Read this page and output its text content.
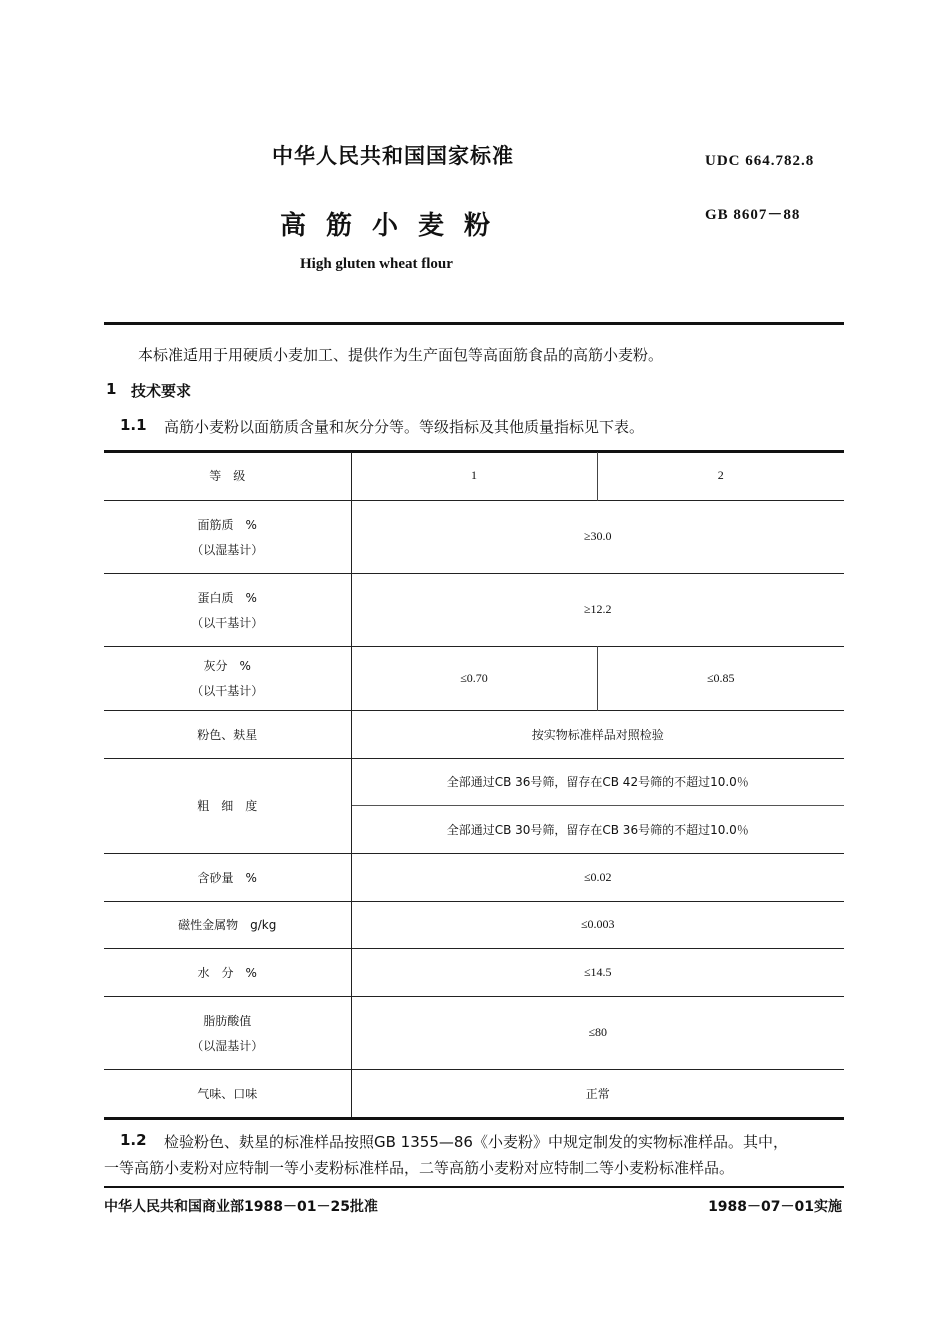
中华人民共和国国家标准	UDC 664.782.8
高筋小麦粉	GB 8607－88
High gluten wheat flour
本标准适用于用硬质小麦加工、提供作为生产面包等高面筋食品的高筋小麦粉。
1 技术要求
1.1 高筋小麦粉以面筋质含量和灰分分等。等级指标及其他质量指标见下表。
等　级	1	2

面筋质　%
（以湿基计）	≥30.0	

蛋白质　%
（以干基计）	≥12.2	

灰分　%
（以干基计）	≤0.70	≤0.85
粉色、麸星	按实物标准样品对照检验	
粗　细　度	全部通过CB 36号筛，留存在CB 42号筛的不超过10.0％	
	全部通过CB 30号筛，留存在CB 36号筛的不超过10.0％	
含砂量　%	≤0.02	
磁性金属物　g/kg	≤0.003	
水　分　%	≤14.5	

脂肪酸值
（以湿基计）	≤80	
气味、口味	正常	
1.2 检验粉色、麸星的标准样品按照GB 1355—86《小麦粉》中规定制发的实物标准样品。其中，
一等高筋小麦粉对应特制一等小麦粉标准样品，二等高筋小麦粉对应特制二等小麦粉标准样品。
中华人民共和国商业部1988－01－25批准	1988－07－01实施
